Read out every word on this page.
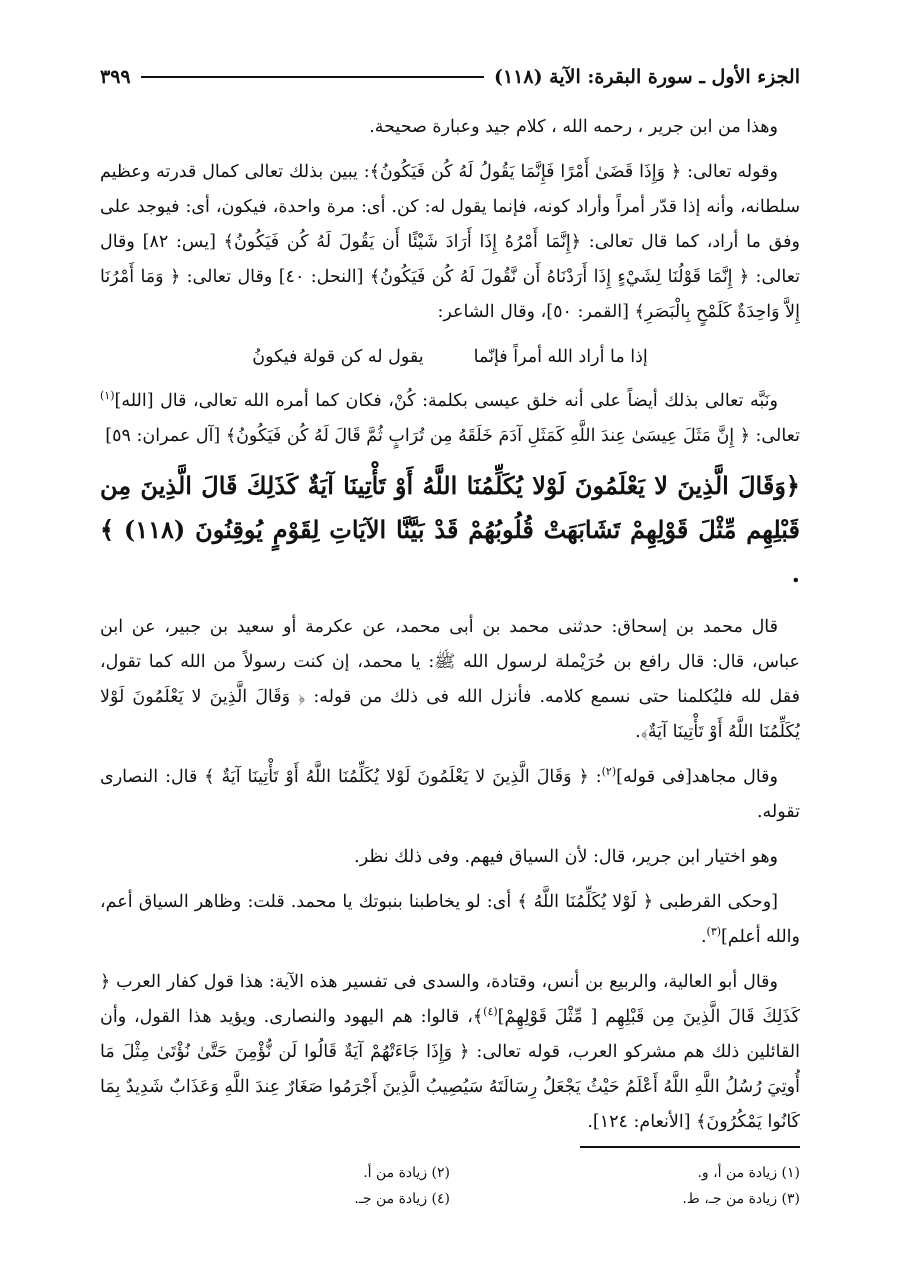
الجزء الأول ـ سورة البقرة: الآية (١١٨)
٣٩٩

وهذا من ابن جرير ، رحمه الله ، كلام جيد وعبارة صحيحة.

وقوله تعالى: ﴿ وَإِذَا قَضَىٰ أَمْرًا فَإِنَّمَا يَقُولُ لَهُ كُن فَيَكُونُ﴾: يبين بذلك تعالى كمال قدرته وعظيم سلطانه، وأنه إذا قدّر أمراً وأراد كونه، فإنما يقول له: كن. أى: مرة واحدة، فيكون، أى: فيوجد على وفق ما أراد، كما قال تعالى: ﴿إِنَّمَا أَمْرُهُ إِذَا أَرَادَ شَيْئًا أَن يَقُولَ لَهُ كُن فَيَكُونُ﴾ [يس: ٨٢] وقال تعالى: ﴿ إِنَّمَا قَوْلُنَا لِشَيْءٍ إِذَا أَرَدْنَاهُ أَن نَّقُولَ لَهُ كُن فَيَكُونُ﴾ [النحل: ٤٠] وقال تعالى: ﴿ وَمَا أَمْرُنَا إِلاَّ وَاحِدَةٌ كَلَمْحٍ بِالْبَصَرِ﴾ [القمر: ٥٠]، وقال الشاعر:

إذا ما أراد الله أمراً فإنّما
يقول له كن قولة فيكونُ

ونَبَّه تعالى بذلك أيضاً على أنه خلق عيسى بكلمة: كُنْ، فكان كما أمره الله تعالى، قال [الله]$^{(١)}$ تعالى: ﴿ إِنَّ مَثَلَ عِيسَىٰ عِندَ اللَّهِ كَمَثَلِ آدَمَ خَلَقَهُ مِن تُرَابٍ ثُمَّ قَالَ لَهُ كُن فَيَكُونُ﴾ [آل عمران: ٥٩]

﴿وَقَالَ الَّذِينَ لا يَعْلَمُونَ لَوْلا يُكَلِّمُنَا اللَّهُ أَوْ تَأْتِينَا آيَةٌ كَذَلِكَ قَالَ الَّذِينَ مِن قَبْلِهِم مِّثْلَ قَوْلِهِمْ تَشَابَهَتْ قُلُوبُهُمْ قَدْ بَيَّنَّا الآيَاتِ لِقَوْمٍ يُوقِنُونَ (١١٨) ﴾ .

قال محمد بن إسحاق: حدثنى محمد بن أبى محمد، عن عكرمة أو سعيد بن جبير، عن ابن عباس، قال: قال رافع بن حُرَيْملة لرسول الله ﷺ: يا محمد، إن كنت رسولاً من الله كما تقول، فقل لله فليُكلمنا حتى نسمع كلامه. فأنزل الله فى ذلك من قوله: ﴿ وَقَالَ الَّذِينَ لا يَعْلَمُونَ لَوْلا يُكَلِّمُنَا اللَّهُ أَوْ تَأْتِينَا آيَةٌ﴾.

وقال مجاهد[فى قوله]$^{(٢)}$: ﴿ وَقَالَ الَّذِينَ لا يَعْلَمُونَ لَوْلا يُكَلِّمُنَا اللَّهُ أَوْ تَأْتِينَا آيَةٌ ﴾ قال: النصارى تقوله.

وهو اختيار ابن جرير، قال: لأن السياق فيهم. وفى ذلك نظر.

[وحكى القرطبى ﴿ لَوْلا يُكَلِّمُنَا اللَّهُ ﴾ أى: لو يخاطبنا بنبوتك يا محمد. قلت: وظاهر السياق أعم، والله أعلم]$^{(٣)}$.

وقال أبو العالية، والربيع بن أنس، وقتادة، والسدى فى تفسير هذه الآية: هذا قول كفار العرب ﴿ كَذَلِكَ قَالَ الَّذِينَ مِن قَبْلِهِم [ مِّثْلَ قَوْلِهِمْ]$^{(٤)}$﴾، قالوا: هم اليهود والنصارى. ويؤيد هذا القول، وأن القائلين ذلك هم مشركو العرب، قوله تعالى: ﴿ وَإِذَا جَاءَتْهُمْ آيَةٌ قَالُوا لَن نُّؤْمِنَ حَتَّىٰ نُؤْتَىٰ مِثْلَ مَا أُوتِيَ رُسُلُ اللَّهِ اللَّهُ أَعْلَمُ حَيْثُ يَجْعَلُ رِسَالَتَهُ سَيُصِيبُ الَّذِينَ أَجْرَمُوا صَغَارٌ عِندَ اللَّهِ وَعَذَابٌ شَدِيدٌ بِمَا كَانُوا يَمْكُرُونَ﴾ [الأنعام: ١٢٤].

(١) زيادة من أ، و.
(٢) زيادة من أ.
(٣) زيادة من جـ، ط.
(٤) زيادة من جـ.
